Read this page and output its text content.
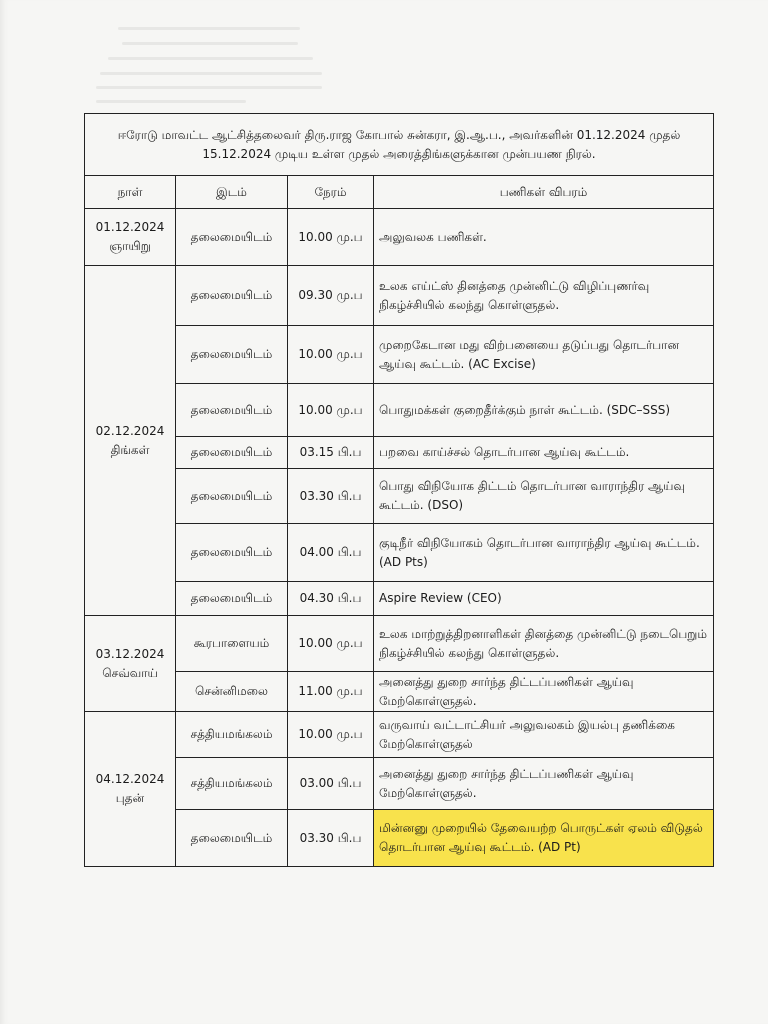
ஈரோடு மாவட்ட ஆட்சித்தலைவர் திரு.ராஜ கோபால் சுன்கரா, இ.ஆ.ப., அவர்களின் 01.12.2024 முதல்
15.12.2024 முடிய உள்ள முதல் அரைத்திங்களுக்கான முன்பயண நிரல்.			

நாள்	இடம்	நேரம்	பணிகள் விபரம்

01.12.2024
ஞாயிறு	தலைமையிடம்	10.00 மு.ப	அலுவலக பணிகள்.

02.12.2024
திங்கள்	தலைமையிடம்	09.30 மு.ப	உலக எய்ட்ஸ் தினத்தை முன்னிட்டு விழிப்புணர்வு நிகழ்ச்சியில் கலந்து கொள்ளுதல்.
	தலைமையிடம்	10.00 மு.ப	முறைகேடான மது விற்பனையை தடுப்பது தொடர்பான ஆய்வு கூட்டம். (AC Excise)
	தலைமையிடம்	10.00 மு.ப	பொதுமக்கள் குறைதீர்க்கும் நாள் கூட்டம். (SDC–SSS)
	தலைமையிடம்	03.15 பி.ப	பறவை காய்ச்சல் தொடர்பான ஆய்வு கூட்டம்.
	தலைமையிடம்	03.30 பி.ப	பொது விநியோக திட்டம் தொடர்பான வாராந்திர ஆய்வு கூட்டம். (DSO)
	தலைமையிடம்	04.00 பி.ப	குடிநீர் விநியோகம் தொடர்பான வாராந்திர ஆய்வு கூட்டம். (AD Pts)
	தலைமையிடம்	04.30 பி.ப	Aspire Review (CEO)

03.12.2024
செவ்வாய்	கூரபாளையம்	10.00 மு.ப	உலக மாற்றுத்திறனாளிகள் தினத்தை முன்னிட்டு நடைபெறும் நிகழ்ச்சியில் கலந்து கொள்ளுதல்.
	சென்னிமலை	11.00 மு.ப	அனைத்து துறை சார்ந்த திட்டப்பணிகள் ஆய்வு மேற்கொள்ளுதல்.

04.12.2024
புதன்	சத்தியமங்கலம்	10.00 மு.ப	வருவாய் வட்டாட்சியர் அலுவலகம் இயல்பு தணிக்கை மேற்கொள்ளுதல்
	சத்தியமங்கலம்	03.00 பி.ப	அனைத்து துறை சார்ந்த திட்டப்பணிகள் ஆய்வு மேற்கொள்ளுதல்.
	தலைமையிடம்	03.30 பி.ப	மின்னனு முறையில் தேவையற்ற பொருட்கள் ஏலம் விடுதல் தொடர்பான ஆய்வு கூட்டம். (AD Pt)
